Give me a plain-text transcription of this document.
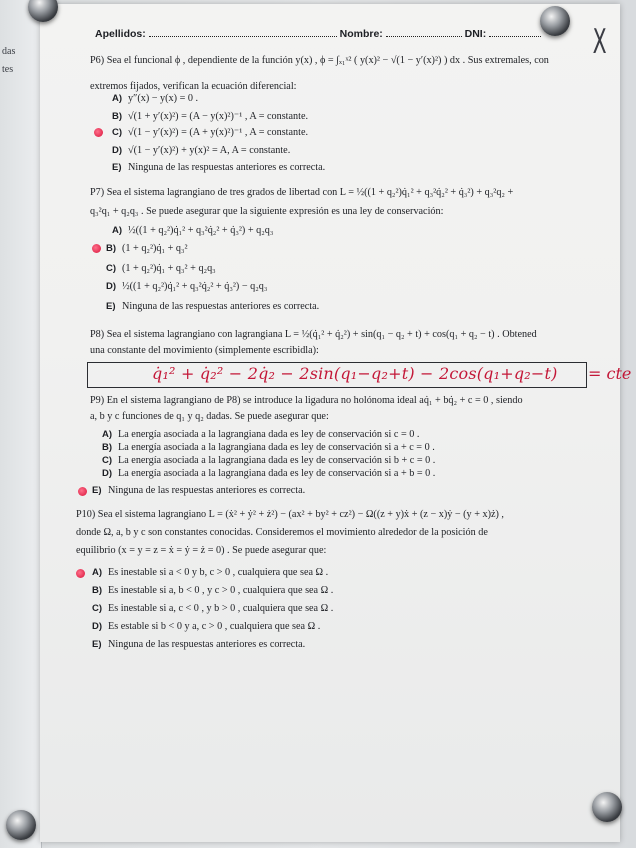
das
tes
Apellidos:	Nombre:	DNI:	X
P6) Sea el funcional ϕ , dependiente de la función y(x) , ϕ = ∫ₓ₁ˣ² ( y(x)² − √(1 − y′(x)²) ) dx . Sus extremales, con
extremos fijados, verifican la ecuación diferencial:
A) y″(x) − y(x) = 0 .
B) √(1 + y′(x)²) = (A − y(x)²)⁻¹ , A = constante.
C) √(1 − y′(x)²) = (A + y(x)²)⁻¹ , A = constante.
D) √(1 − y′(x)²) + y(x)² = A, A = constante.
E) Ninguna de las respuestas anteriores es correcta.
P7) Sea el sistema lagrangiano de tres grados de libertad con L = ½((1 + q₂²)q̇₁² + q₃²q̇₂² + q̇₃²) + q₃²q₂ +
q₃²q₁ + q₂q₃ . Se puede asegurar que la siguiente expresión es una ley de conservación:
A) ½((1 + q₂²)q̇₁² + q₃²q̇₂² + q̇₃²) + q₂q₃
B) (1 + q₂²)q̇₁ + q₃²
C) (1 + q₂²)q̇₁ + q₃² + q₂q₃
D) ½((1 + q₂²)q̇₁² + q₃²q̇₂² + q̇₃²) − q₂q₃
E) Ninguna de las respuestas anteriores es correcta.
P8) Sea el sistema lagrangiano con lagrangiana L = ½(q̇₁² + q̇₂²) + sin(q₁ − q₂ + t) + cos(q₁ + q₂ − t) . Obtened
una constante del movimiento (simplemente escribidla):
q̇₁² + q̇₂² − 2q̇₂ − 2sin(q₁−q₂+t) − 2cos(q₁+q₂−t) = cte
P9) En el sistema lagrangiano de P8) se introduce la ligadura no holónoma ideal aq̇₁ + bq̇₂ + c = 0 , siendo
a, b y c funciones de q₁ y q₂ dadas. Se puede asegurar que:
A) La energía asociada a la lagrangiana dada es ley de conservación si c = 0 .
B) La energía asociada a la lagrangiana dada es ley de conservación si a + c = 0 .
C) La energía asociada a la lagrangiana dada es ley de conservación si b + c = 0 .
D) La energía asociada a la lagrangiana dada es ley de conservación si a + b = 0 .
E) Ninguna de las respuestas anteriores es correcta.
P10) Sea el sistema lagrangiano L = (ẋ² + ẏ² + ż²) − (ax² + by² + cz²) − Ω((z + y)ẋ + (z − x)ẏ − (y + x)ż) ,
donde Ω, a, b y c son constantes conocidas. Consideremos el movimiento alrededor de la posición de
equilibrio (x = y = z = ẋ = ẏ = ż = 0) . Se puede asegurar que:
A) Es inestable si a < 0 y b, c > 0 , cualquiera que sea Ω .
B) Es inestable si a, b < 0 , y c > 0 , cualquiera que sea Ω .
C) Es inestable si a, c < 0 , y b > 0 , cualquiera que sea Ω .
D) Es estable si b < 0 y a, c > 0 , cualquiera que sea Ω .
E) Ninguna de las respuestas anteriores es correcta.
